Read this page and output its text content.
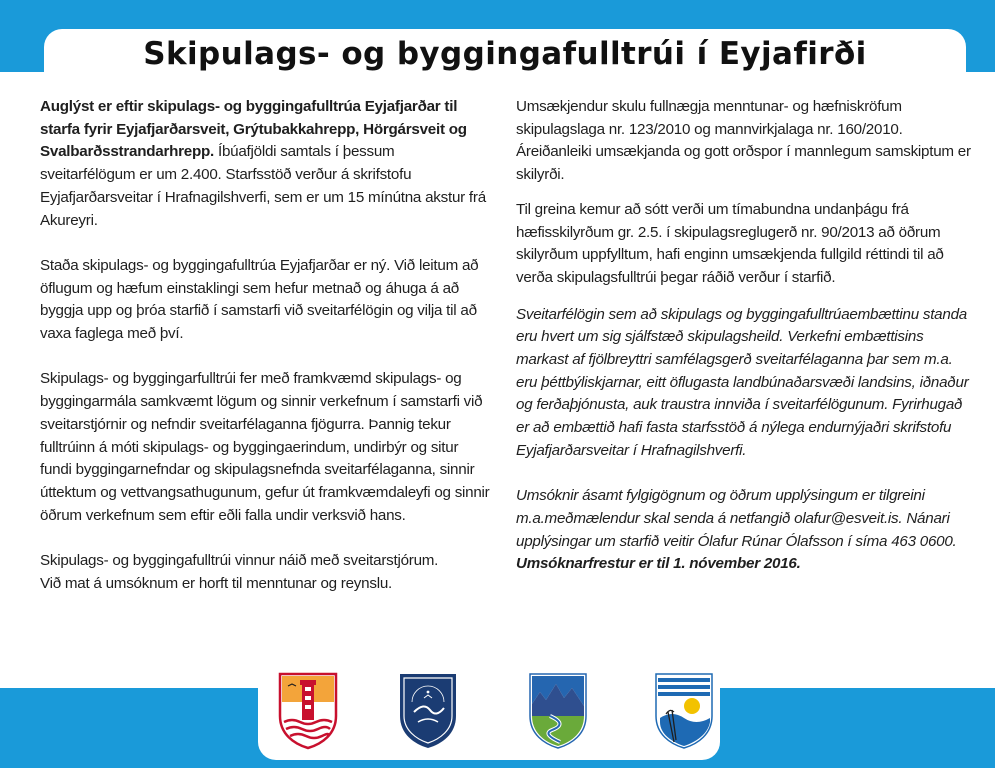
Skipulags- og byggingafulltrúi í Eyjafirði

Auglýst er eftir skipulags- og byggingafulltrúa Eyjafjarðar til starfa fyrir Eyjafjarðarsveit, Grýtubakkahrepp, Hörgársveit og Svalbarðsstrandarhrepp. Íbúafjöldi samtals í þessum sveitarfélögum er um 2.400. Starfsstöð verður á skrifstofu Eyjafjarðarsveitar í Hrafnagilshverfi, sem er um 15 mínútna akstur frá Akureyri.

Staða skipulags- og byggingafulltrúa Eyjafjarðar er ný. Við leitum að öflugum og hæfum einstaklingi sem hefur metnað og áhuga á að byggja upp og þróa starfið í samstarfi við sveitarfélögin og vilja til að vaxa faglega með því.

Skipulags- og byggingarfulltrúi fer með framkvæmd skipulags- og byggingarmála samkvæmt lögum og sinnir verkefnum í samstarfi við sveitarstjórnir og nefndir sveitarfélaganna fjögurra. Þannig tekur fulltrúinn á móti skipulags- og byggingaerindum, undirbýr og situr fundi byggingarnefndar og skipulagsnefnda sveitarfélaganna, sinnir úttektum og vettvangsathugunum, gefur út framkvæmdaleyfi og sinnir öðrum verkefnum sem eftir eðli falla undir verksvið hans.

Skipulags- og byggingafulltrúi vinnur náið með sveitarstjórum.

Við mat á umsóknum er horft til menntunar og reynslu.

Umsækjendur skulu fullnægja menntunar- og hæfniskröfum skipulagslaga nr. 123/2010 og mannvirkjalaga nr. 160/2010. Áreiðanleiki umsækjanda og gott orðspor í mannlegum samskiptum er skilyrði.

Til greina kemur að sótt verði um tímabundna undanþágu frá hæfisskilyrðum gr. 2.5. í skipulagsreglugerð nr. 90/2013 að öðrum skilyrðum uppfylltum, hafi enginn umsækjenda fullgild réttindi til að verða skipulagsfulltrúi þegar ráðið verður í starfið.

Sveitarfélögin sem að skipulags og byggingafulltrúaembættinu standa eru hvert um sig sjálfstæð skipulagsheild. Verkefni embættisins markast af fjölbreyttri samfélagsgerð sveitarfélaganna þar sem m.a. eru þéttbýliskjarnar, eitt öflugasta landbúnaðarsvæði landsins, iðnaður og ferðaþjónusta, auk traustra innviða í sveitarfélögunum. Fyrirhugað er að embættið hafi fasta starfsstöð á nýlega endurnýjaðri skrifstofu Eyjafjarðarsveitar í Hrafnagilshverfi.

Umsóknir ásamt fylgigögnum og öðrum upplýsingum er tilgreini m.a.meðmælendur skal senda á netfangið olafur@esveit.is. Nánari upplýsingar um starfið veitir Ólafur Rúnar Ólafsson í síma 463 0600.

Umsóknarfrestur er til 1. nóvember 2016.
